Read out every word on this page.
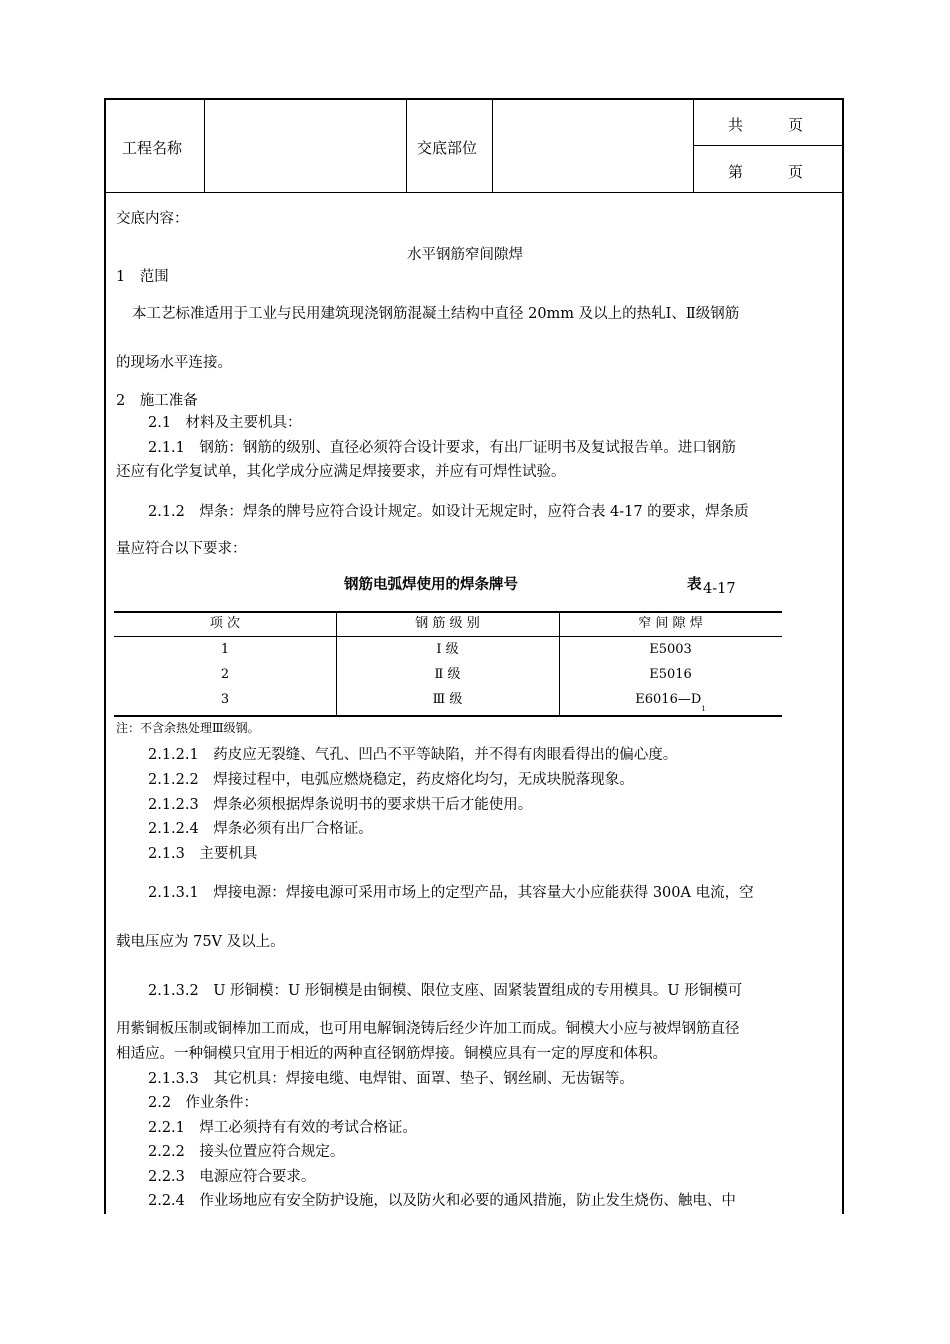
工程名称	交底部位
共　　　页
第　　　页
交底内容：
水平钢筋窄间隙焊
1　范围
本工艺标准适用于工业与民用建筑现浇钢筋混凝土结构中直径 20mm 及以上的热轧Ⅰ、Ⅱ级钢筋
的现场水平连接。
2　施工准备
2.1　材料及主要机具：
2.1.1　钢筋：钢筋的级别、直径必须符合设计要求，有出厂证明书及复试报告单。进口钢筋
还应有化学复试单，其化学成分应满足焊接要求，并应有可焊性试验。
2.1.2　焊条：焊条的牌号应符合设计规定。如设计无规定时，应符合表 4-17 的要求，焊条质
量应符合以下要求：
钢筋电弧焊使用的焊条牌号	表 4-17
项 次	钢 筋 级 别	窄 间 隙 焊
1	Ⅰ 级	E5003
2	Ⅱ 级	E5016
3	Ⅲ 级	$E6016—D_1$
注：不含余热处理Ⅲ级钢。
2.1.2.1　药皮应无裂缝、气孔、凹凸不平等缺陷，并不得有肉眼看得出的偏心度。
2.1.2.2　焊接过程中，电弧应燃烧稳定，药皮熔化均匀，无成块脱落现象。
2.1.2.3　焊条必须根据焊条说明书的要求烘干后才能使用。
2.1.2.4　焊条必须有出厂合格证。
2.1.3　主要机具
2.1.3.1　焊接电源：焊接电源可采用市场上的定型产品，其容量大小应能获得 300A 电流，空
载电压应为 75V 及以上。
2.1.3.2　U 形铜模：U 形铜模是由铜模、限位支座、固紧装置组成的专用模具。U 形铜模可
用紫铜板压制或铜棒加工而成，也可用电解铜浇铸后经少许加工而成。铜模大小应与被焊钢筋直径
相适应。一种铜模只宜用于相近的两种直径钢筋焊接。铜模应具有一定的厚度和体积。
2.1.3.3　其它机具：焊接电缆、电焊钳、面罩、垫子、钢丝刷、无齿锯等。
2.2　作业条件：
2.2.1　焊工必须持有有效的考试合格证。
2.2.2　接头位置应符合规定。
2.2.3　电源应符合要求。
2.2.4　作业场地应有安全防护设施，以及防火和必要的通风措施，防止发生烧伤、触电、中
